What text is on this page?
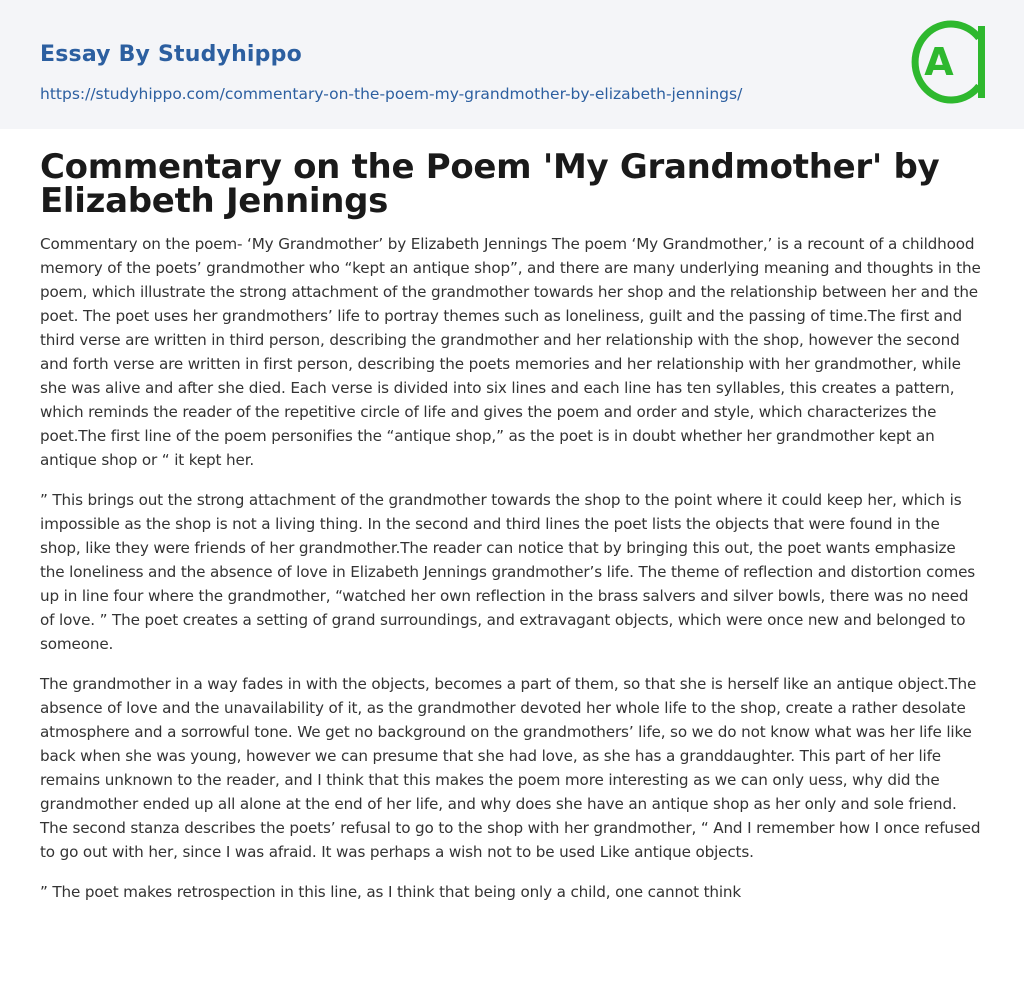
Essay By Studyhippo
https://studyhippo.com/commentary-on-the-poem-my-grandmother-by-elizabeth-jennings/
A
Commentary on the Poem 'My Grandmother' by Elizabeth Jennings

Commentary on the poem- ‘My Grandmother’ by Elizabeth Jennings The poem ‘My Grandmother,’ is a recount of a childhood memory of the poets’ grandmother who “kept an antique shop”, and there are many underlying meaning and thoughts in the poem, which illustrate the strong attachment of the grandmother towards her shop and the relationship between her and the poet. The poet uses her grandmothers’ life to portray themes such as loneliness, guilt and the passing of time.The first and third verse are written in third person, describing the grandmother and her relationship with the shop, however the second and forth verse are written in first person, describing the poets memories and her relationship with her grandmother, while she was alive and after she died. Each verse is divided into six lines and each line has ten syllables, this creates a pattern, which reminds the reader of the repetitive circle of life and gives the poem and order and style, which characterizes the poet.The first line of the poem personifies the “antique shop,” as the poet is in doubt whether her grandmother kept an antique shop or “ it kept her.

” This brings out the strong attachment of the grandmother towards the shop to the point where it could keep her, which is impossible as the shop is not a living thing. In the second and third lines the poet lists the objects that were found in the shop, like they were friends of her grandmother.The reader can notice that by bringing this out, the poet wants emphasize the loneliness and the absence of love in Elizabeth Jennings grandmother’s life. The theme of reflection and distortion comes up in line four where the grandmother, “watched her own reflection in the brass salvers and silver bowls, there was no need of love. ” The poet creates a setting of grand surroundings, and extravagant objects, which were once new and belonged to someone.

The grandmother in a way fades in with the objects, becomes a part of them, so that she is herself like an antique object.The absence of love and the unavailability of it, as the grandmother devoted her whole life to the shop, create a rather desolate atmosphere and a sorrowful tone. We get no background on the grandmothers’ life, so we do not know what was her life like back when she was young, however we can presume that she had love, as she has a granddaughter. This part of her life remains unknown to the reader, and I think that this makes the poem more interesting as we can only uess, why did the grandmother ended up all alone at the end of her life, and why does she have an antique shop as her only and sole friend. The second stanza describes the poets’ refusal to go to the shop with her grandmother, “ And I remember how I once refused to go out with her, since I was afraid. It was perhaps a wish not to be used Like antique objects.

” The poet makes retrospection in this line, as I think that being only a child, one cannot think
